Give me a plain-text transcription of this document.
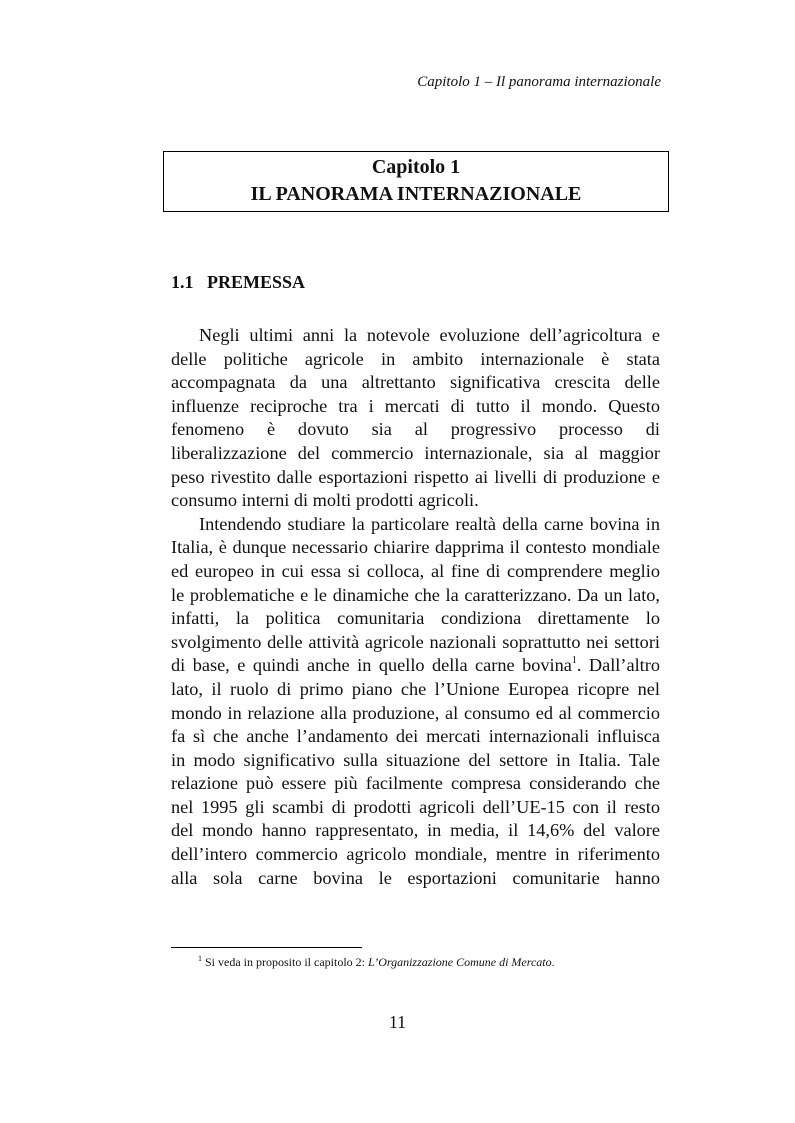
Capitolo 1 – Il panorama internazionale
Capitolo 1
IL PANORAMA INTERNAZIONALE
1.1 PREMESSA
Negli ultimi anni la notevole evoluzione dell’agricoltura e
delle politiche agricole in ambito internazionale è stata
accompagnata da una altrettanto significativa crescita delle
influenze reciproche tra i mercati di tutto il mondo. Questo
fenomeno è dovuto sia al progressivo processo di
liberalizzazione del commercio internazionale, sia al maggior
peso rivestito dalle esportazioni rispetto ai livelli di produzione e
consumo interni di molti prodotti agricoli.
Intendendo studiare la particolare realtà della carne bovina in
Italia, è dunque necessario chiarire dapprima il contesto mondiale
ed europeo in cui essa si colloca, al fine di comprendere meglio
le problematiche e le dinamiche che la caratterizzano. Da un lato,
infatti, la politica comunitaria condiziona direttamente lo
svolgimento delle attività agricole nazionali soprattutto nei settori
di base, e quindi anche in quello della carne bovina$^1$. Dall’altro
lato, il ruolo di primo piano che l’Unione Europea ricopre nel
mondo in relazione alla produzione, al consumo ed al commercio
fa sì che anche l’andamento dei mercati internazionali influisca
in modo significativo sulla situazione del settore in Italia. Tale
relazione può essere più facilmente compresa considerando che
nel 1995 gli scambi di prodotti agricoli dell’UE-15 con il resto
del mondo hanno rappresentato, in media, il 14,6% del valore
dell’intero commercio agricolo mondiale, mentre in riferimento
alla sola carne bovina le esportazioni comunitarie hanno
$^1$ Si veda in proposito il capitolo 2: L’Organizzazione Comune di Mercato.
11
